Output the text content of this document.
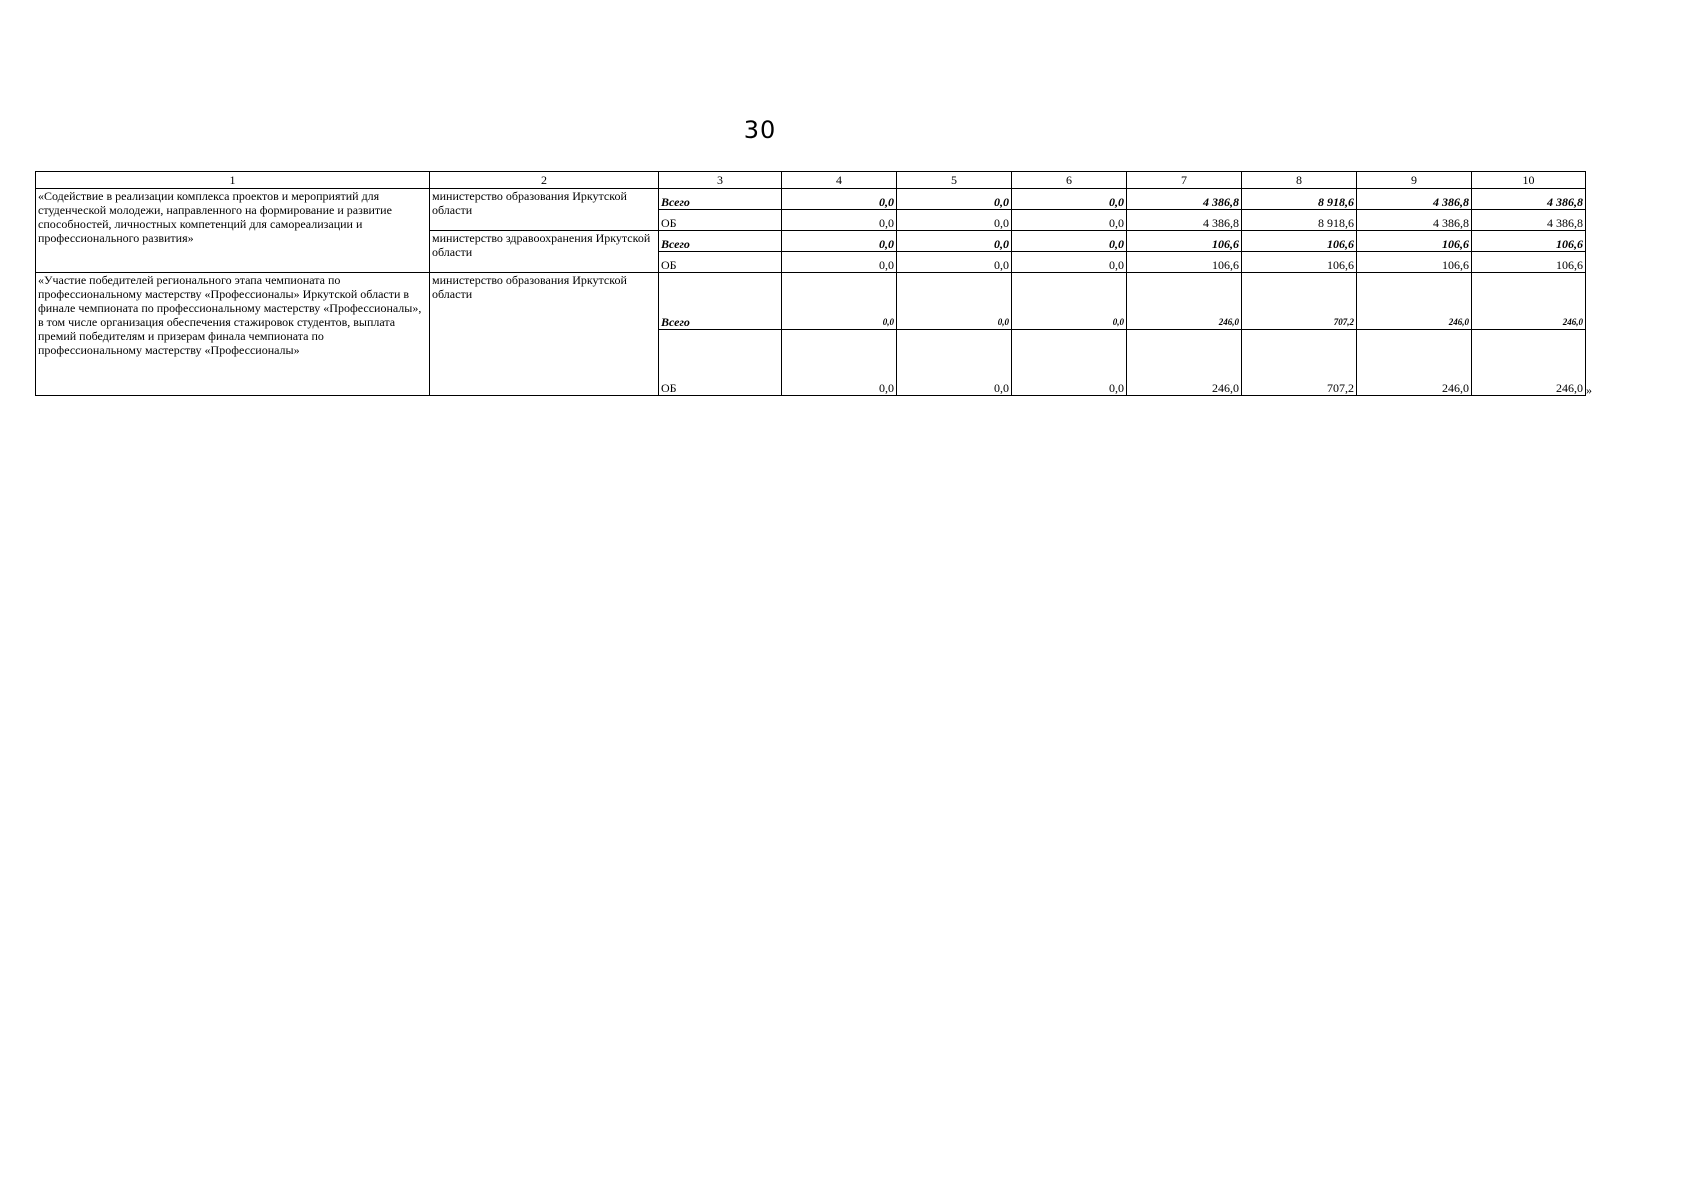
30
1	2	3	4	5	6	7	8	9	10
«Содействие в реализации комплекса проектов и мероприятий для студенческой молодежи, направленного на формирование и развитие способностей, личностных компетенций для самореализации и профессионального развития»	министерство образования Иркутской области	Всего	0,0	0,0	0,0	4 386,8	8 918,6	4 386,8	4 386,8
		ОБ	0,0	0,0	0,0	4 386,8	8 918,6	4 386,8	4 386,8
	министерство здравоохранения Иркутской области	Всего	0,0	0,0	0,0	106,6	106,6	106,6	106,6
		ОБ	0,0	0,0	0,0	106,6	106,6	106,6	106,6
«Участие победителей регионального этапа чемпионата по профессиональному мастерству «Профессионалы» Иркутской области в финале чемпионата по профессиональному мастерству «Профессионалы», в том числе организация обеспечения стажировок студентов, выплата премий победителям и призерам финала чемпионата по профессиональному мастерству «Профессионалы»	министерство образования Иркутской области	Всего	0,0	0,0	0,0	246,0	707,2	246,0	246,0
		ОБ	0,0	0,0	0,0	246,0	707,2	246,0	246,0 »
